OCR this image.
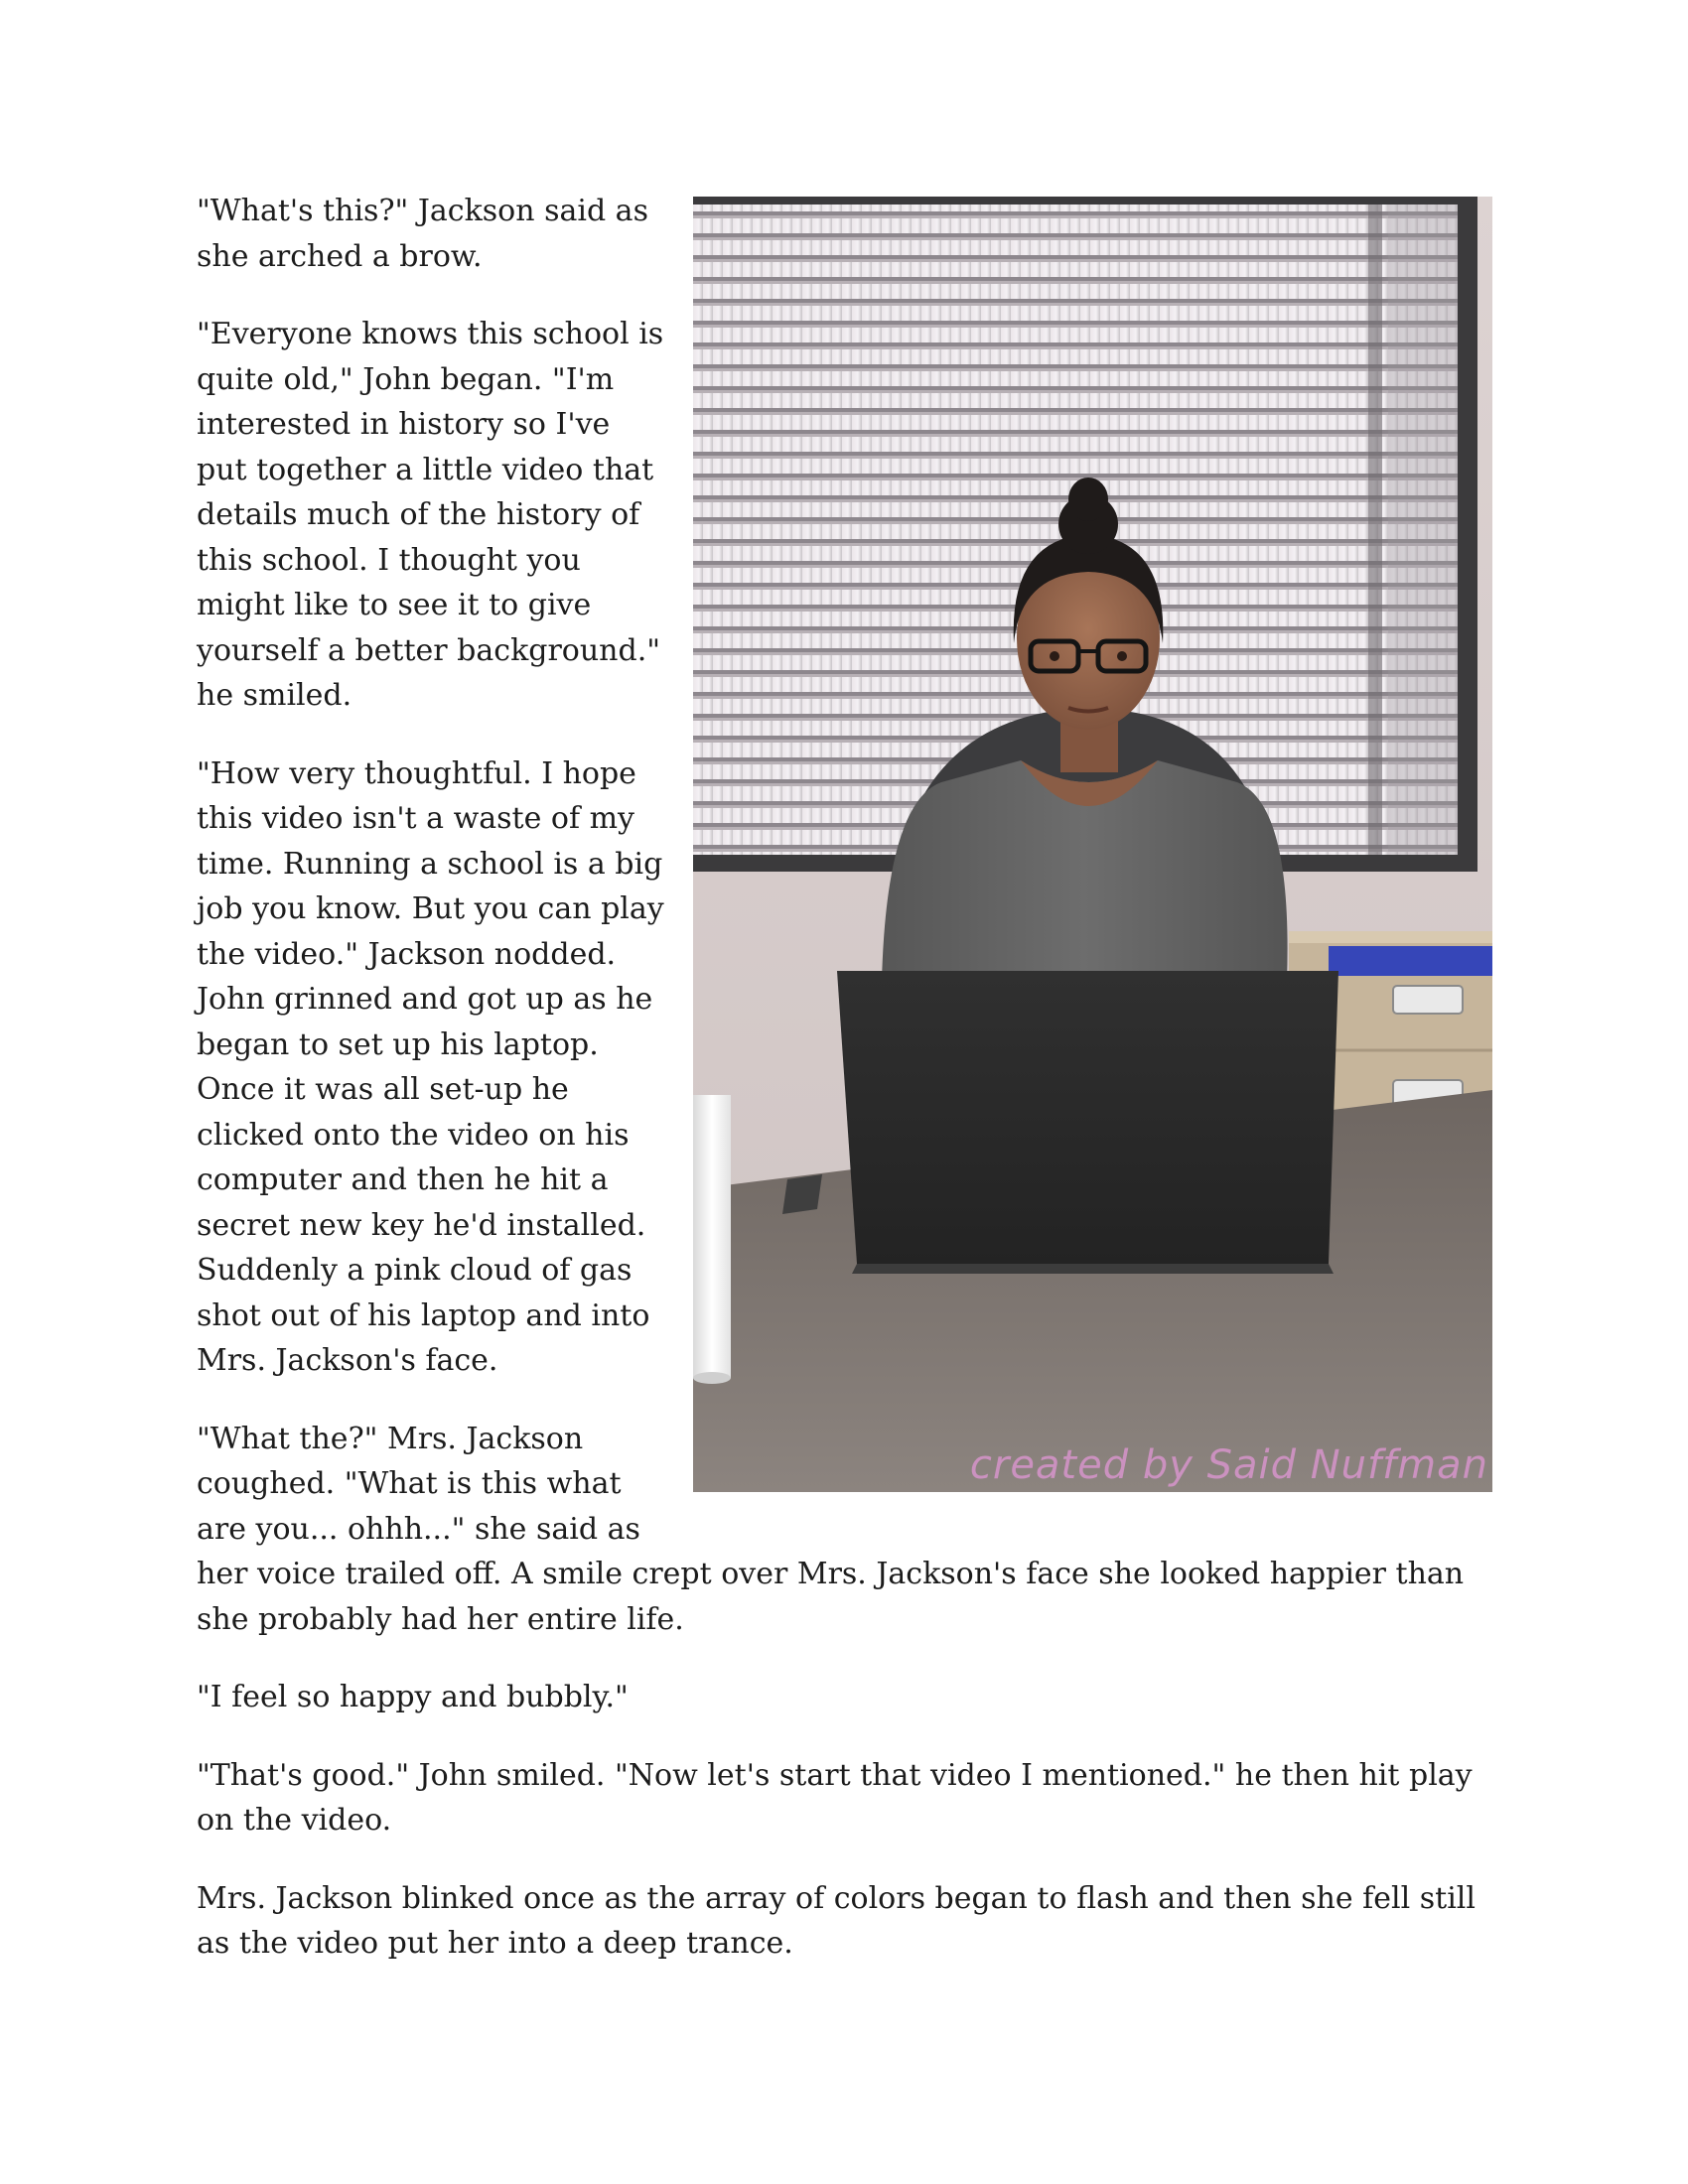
created by Said Nuffman

"What's this?" Jackson said as she arched a brow.

"Everyone knows this school is quite old," John began. "I'm interested in history so I've put together a little video that details much of the history of this school. I thought you might like to see it to give yourself a better background." he smiled.

"How very thoughtful. I hope this video isn't a waste of my time. Running a school is a big job you know. But you can play the video." Jackson nodded. John grinned and got up as he began to set up his laptop. Once it was all set-up he clicked onto the video on his computer and then he hit a secret new key he'd installed. Suddenly a pink cloud of gas shot out of his laptop and into Mrs. Jackson's face.

"What the?" Mrs. Jackson coughed. "What is this what are you... ohhh..." she said as her voice trailed off. A smile crept over Mrs. Jackson's face she looked happier than she probably had her entire life.

"I feel so happy and bubbly."

"That's good." John smiled. "Now let's start that video I mentioned." he then hit play on the video.

Mrs. Jackson blinked once as the array of colors began to flash and then she fell still as the video put her into a deep trance.
